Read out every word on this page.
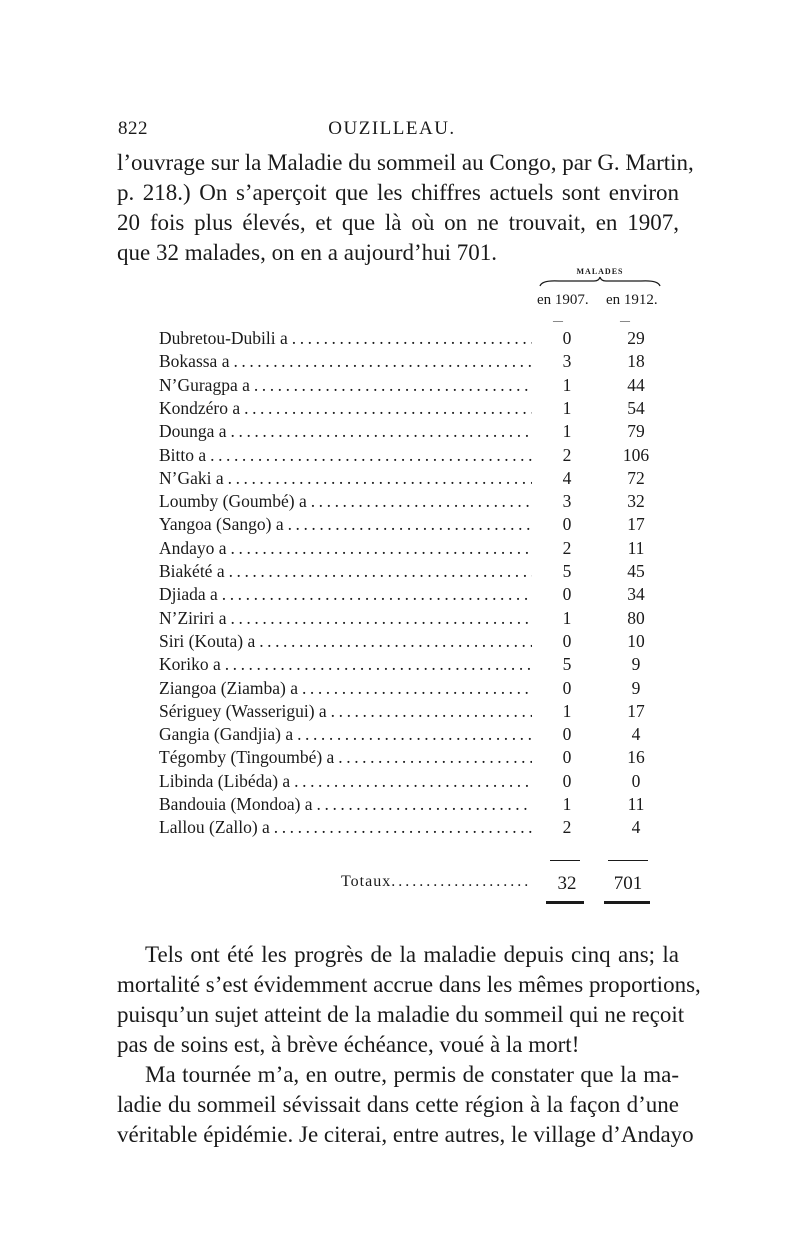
822	OUZILLEAU.
l’ouvrage sur la Maladie du sommeil au Congo, par G. Martin,
p. 218.) On s’aperçoit que les chiffres actuels sont environ
20 fois plus élevés, et que là où on ne trouvait, en 1907,
que 32 malades, on en a aujourd’hui 701.
MALADES
en 1907. en 1912.
—	—
Dubretou-Dubili a . . .	0	29
Bokassa a . . .	3	18
N’Guragpa a . . .	1	44
Kondzéro a . . .	1	54
Dounga a . . .	1	79
Bitto a . . .	2	106
N’Gaki a . . .	4	72
Loumby (Goumbé) a . . .	3	32
Yangoa (Sango) a . . .	0	17
Andayo a . . .	2	11
Biakété a . . .	5	45
Djiada a . . .	0	34
N’Ziriri a . . .	1	80
Siri (Kouta) a . . .	0	10
Koriko a . . .	5	9
Ziangoa (Ziamba) a . . .	0	9
Sériguey (Wasserigui) a . . .	1	17
Gangia (Gandjia) a . . .	0	4
Tégomby (Tingoumbé) a . . .	0	16
Libinda (Libéda) a . . .	0	0
Bandouia (Mondoa) a . . .	1	11
Lallou (Zallo) a . . .	2	4
Totaux . . .	32	701
Tels ont été les progrès de la maladie depuis cinq ans; la
mortalité s’est évidemment accrue dans les mêmes proportions,
puisqu’un sujet atteint de la maladie du sommeil qui ne reçoit
pas de soins est, à brève échéance, voué à la mort!
Ma tournée m’a, en outre, permis de constater que la ma-
ladie du sommeil sévissait dans cette région à la façon d’une
véritable épidémie. Je citerai, entre autres, le village d’Andayo
